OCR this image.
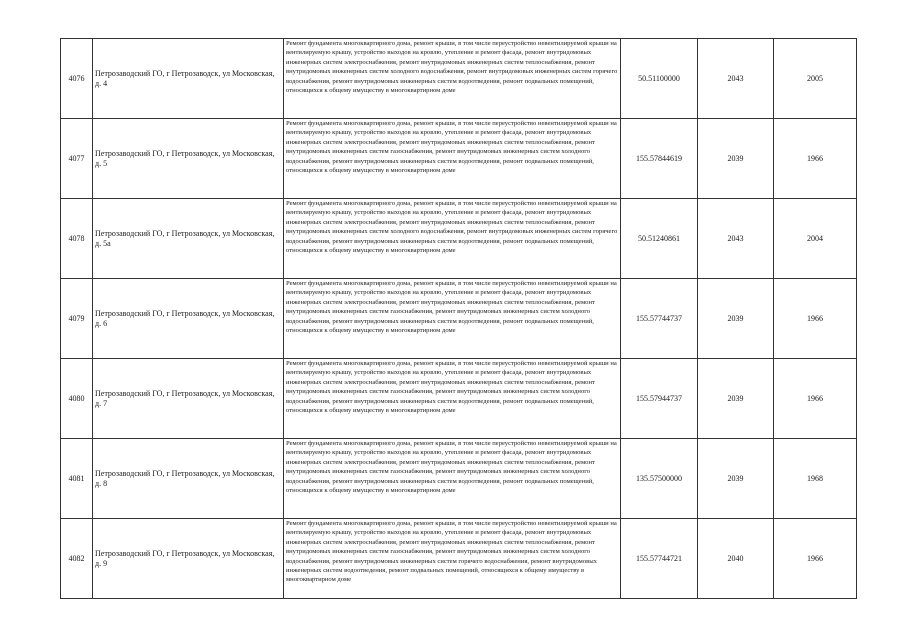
4076	Петрозаводский ГО, г Петрозаводск, ул Московская, д. 4	Ремонт фундамента многоквартирного дома, ремонт крыши, в том числе переустройство невентилируемой крыши на вентилируемую крышу, устройство выходов на кровлю, утепление и ремонт фасада, ремонт внутридомовых инженерных систем электроснабжения, ремонт внутридомовых инженерных систем теплоснабжения, ремонт внутридомовых инженерных систем холодного водоснабжения, ремонт внутридомовых инженерных систем горячего водоснабжения, ремонт внутридомовых инженерных систем водоотведения, ремонт подвальных помещений, относящихся к общему имуществу в многоквартирном доме	50.51100000	2043	2005
4077	Петрозаводский ГО, г Петрозаводск, ул Московская, д. 5	Ремонт фундамента многоквартирного дома, ремонт крыши, в том числе переустройство невентилируемой крыши на вентилируемую крышу, устройство выходов на кровлю, утепление и ремонт фасада, ремонт внутридомовых инженерных систем электроснабжения, ремонт внутридомовых инженерных систем теплоснабжения, ремонт внутридомовых инженерных систем газоснабжения, ремонт внутридомовых инженерных систем холодного водоснабжения, ремонт внутридомовых инженерных систем водоотведения, ремонт подвальных помещений, относящихся к общему имуществу в многоквартирном доме	155.57844619	2039	1966
4078	Петрозаводский ГО, г Петрозаводск, ул Московская, д. 5а	Ремонт фундамента многоквартирного дома, ремонт крыши, в том числе переустройство невентилируемой крыши на вентилируемую крышу, устройство выходов на кровлю, утепление и ремонт фасада, ремонт внутридомовых инженерных систем электроснабжения, ремонт внутридомовых инженерных систем теплоснабжения, ремонт внутридомовых инженерных систем холодного водоснабжения, ремонт внутридомовых инженерных систем горячего водоснабжения, ремонт внутридомовых инженерных систем водоотведения, ремонт подвальных помещений, относящихся к общему имуществу в многоквартирном доме	50.51240861	2043	2004
4079	Петрозаводский ГО, г Петрозаводск, ул Московская, д. 6	Ремонт фундамента многоквартирного дома, ремонт крыши, в том числе переустройство невентилируемой крыши на вентилируемую крышу, устройство выходов на кровлю, утепление и ремонт фасада, ремонт внутридомовых инженерных систем электроснабжения, ремонт внутридомовых инженерных систем теплоснабжения, ремонт внутридомовых инженерных систем газоснабжения, ремонт внутридомовых инженерных систем холодного водоснабжения, ремонт внутридомовых инженерных систем водоотведения, ремонт подвальных помещений, относящихся к общему имуществу в многоквартирном доме	155.57744737	2039	1966
4080	Петрозаводский ГО, г Петрозаводск, ул Московская, д. 7	Ремонт фундамента многоквартирного дома, ремонт крыши, в том числе переустройство невентилируемой крыши на вентилируемую крышу, устройство выходов на кровлю, утепление и ремонт фасада, ремонт внутридомовых инженерных систем электроснабжения, ремонт внутридомовых инженерных систем теплоснабжения, ремонт внутридомовых инженерных систем газоснабжения, ремонт внутридомовых инженерных систем холодного водоснабжения, ремонт внутридомовых инженерных систем водоотведения, ремонт подвальных помещений, относящихся к общему имуществу в многоквартирном доме	155.57944737	2039	1966
4081	Петрозаводский ГО, г Петрозаводск, ул Московская, д. 8	Ремонт фундамента многоквартирного дома, ремонт крыши, в том числе переустройство невентилируемой крыши на вентилируемую крышу, устройство выходов на кровлю, утепление и ремонт фасада, ремонт внутридомовых инженерных систем электроснабжения, ремонт внутридомовых инженерных систем теплоснабжения, ремонт внутридомовых инженерных систем газоснабжения, ремонт внутридомовых инженерных систем холодного водоснабжения, ремонт внутридомовых инженерных систем водоотведения, ремонт подвальных помещений, относящихся к общему имуществу в многоквартирном доме	135.57500000	2039	1968
4082	Петрозаводский ГО, г Петрозаводск, ул Московская, д. 9	Ремонт фундамента многоквартирного дома, ремонт крыши, в том числе переустройство невентилируемой крыши на вентилируемую крышу, устройство выходов на кровлю, утепление и ремонт фасада, ремонт внутридомовых инженерных систем электроснабжения, ремонт внутридомовых инженерных систем теплоснабжения, ремонт внутридомовых инженерных систем газоснабжения, ремонт внутридомовых инженерных систем холодного водоснабжения, ремонт внутридомовых инженерных систем горячего водоснабжения, ремонт внутридомовых инженерных систем водоотведения, ремонт подвальных помещений, относящихся к общему имуществу в многоквартирном доме	155.57744721	2040	1966
